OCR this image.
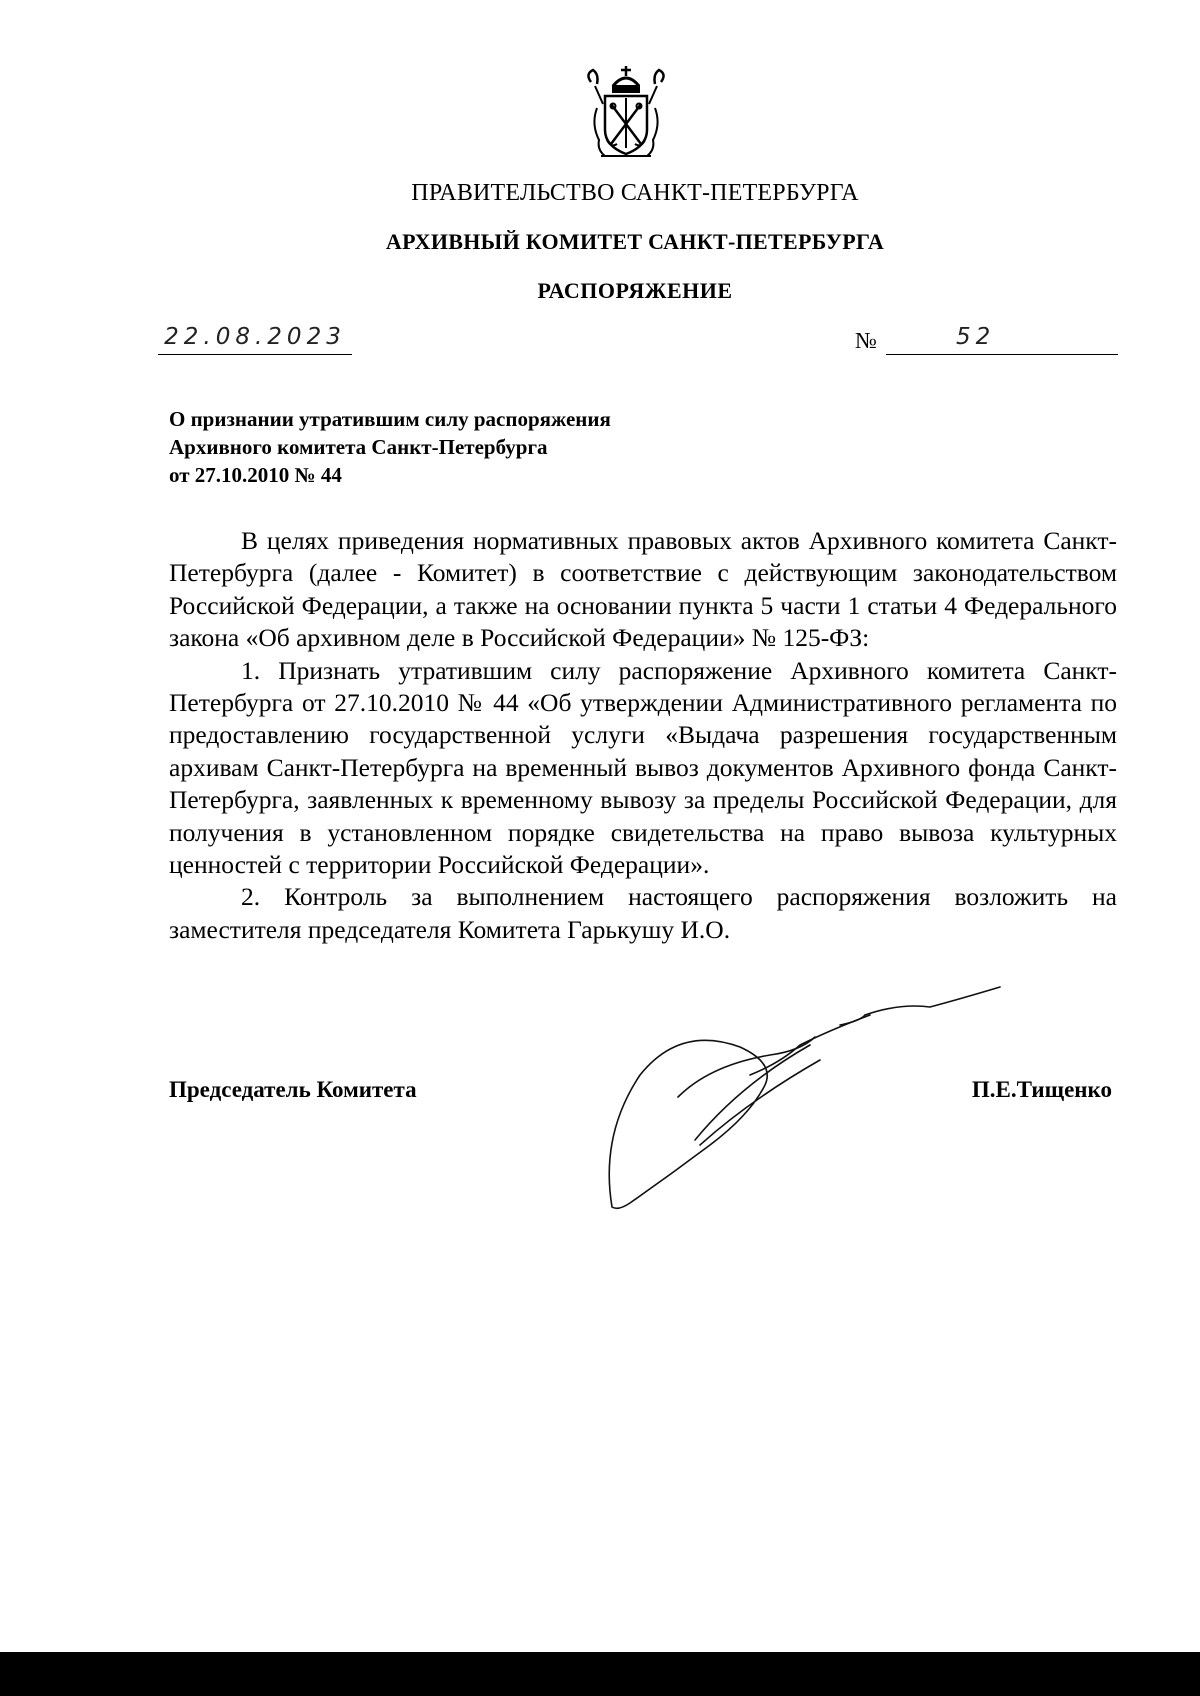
ПРАВИТЕЛЬСТВО САНКТ-ПЕТЕРБУРГА
АРХИВНЫЙ КОМИТЕТ САНКТ-ПЕТЕРБУРГА
РАСПОРЯЖЕНИЕ
22.08.2023	№	52
О признании утратившим силу распоряжения
Архивного комитета Санкт-Петербурга
от 27.10.2010 № 44

В целях приведения нормативных правовых актов Архивного комитета Санкт-Петербурга (далее - Комитет) в соответствие с действующим законодательством Российской Федерации, а также на основании пункта 5 части 1 статьи 4 Федерального закона «Об архивном деле в Российской Федерации» № 125-ФЗ:

1. Признать утратившим силу распоряжение Архивного комитета Санкт-Петербурга от 27.10.2010 № 44 «Об утверждении Административного регламента по предоставлению государственной услуги «Выдача разрешения государственным архивам Санкт-Петербурга на временный вывоз документов Архивного фонда Санкт-Петербурга, заявленных к временному вывозу за пределы Российской Федерации, для получения в установленном порядке свидетельства на право вывоза культурных ценностей с территории Российской Федерации».

2. Контроль за выполнением настоящего распоряжения возложить на заместителя председателя Комитета Гарькушу И.О.

Председатель Комитета	П.Е.Тищенко
